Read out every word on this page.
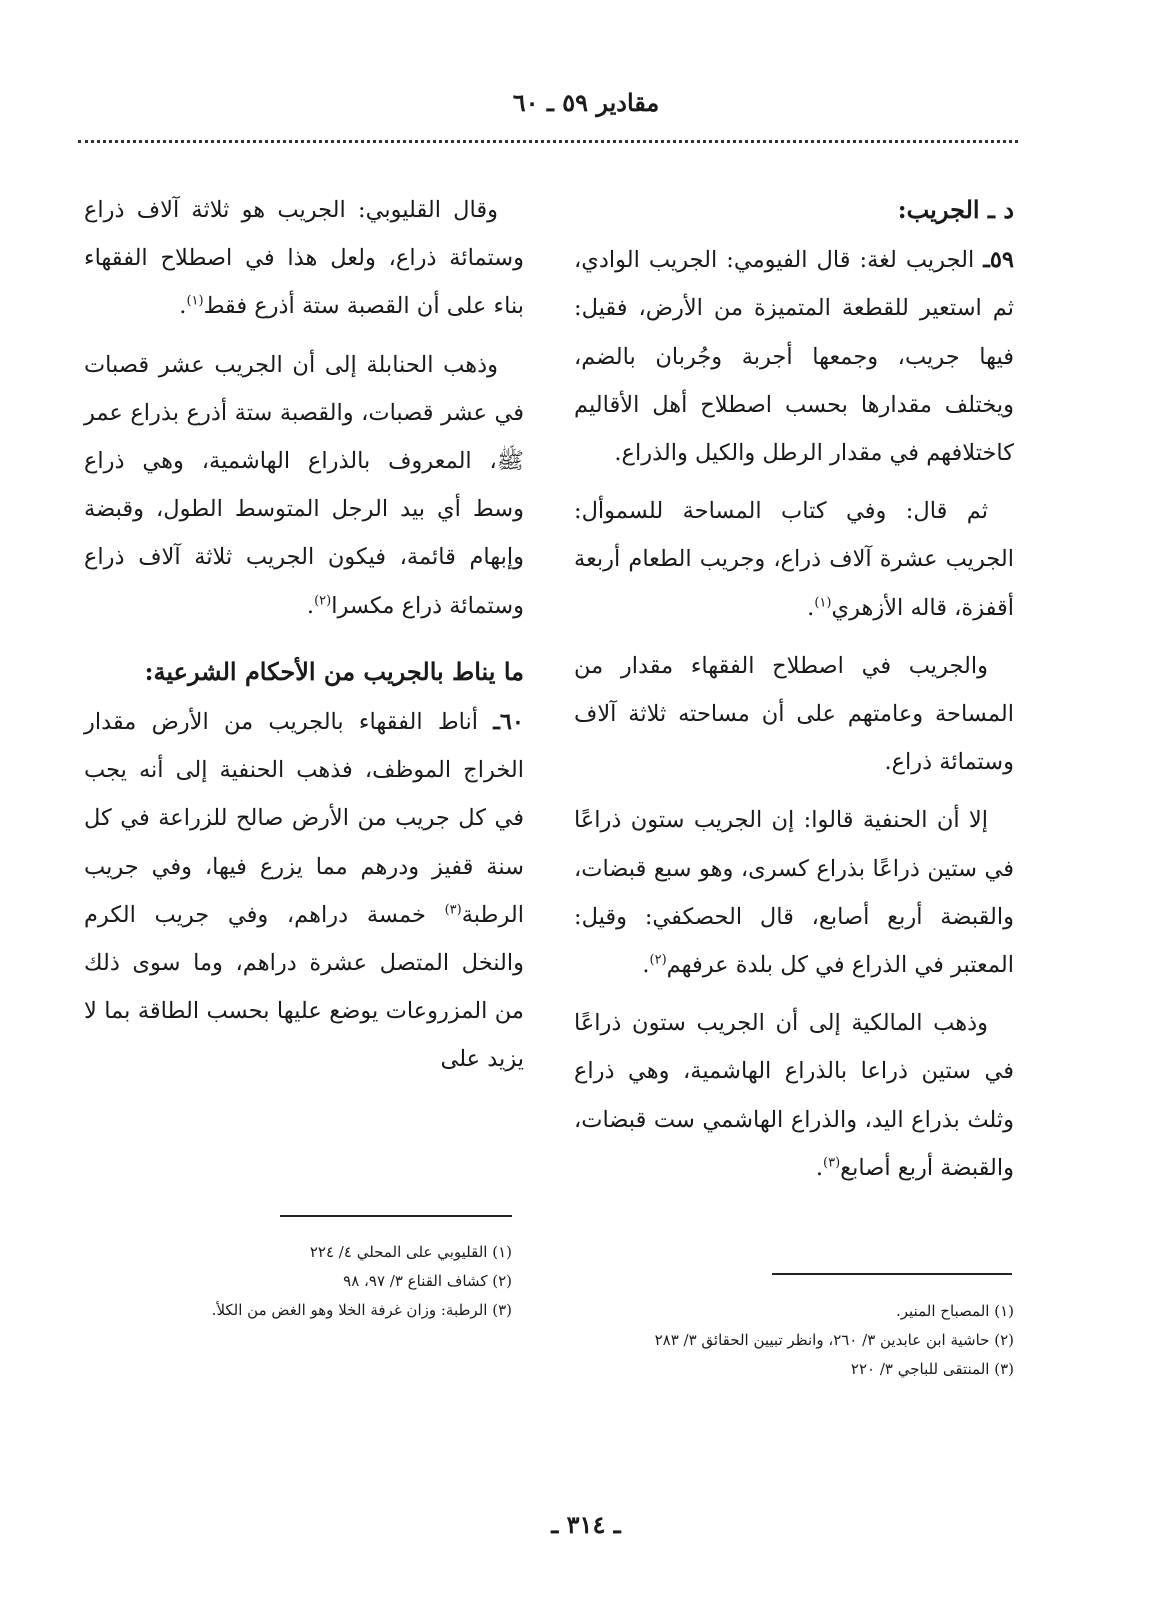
مقادير ٥٩ ـ ٦٠
د ـ الجريب:

٥٩ـ الجريب لغة: قال الفيومي: الجريب الوادي، ثم استعير للقطعة المتميزة من الأرض، فقيل: فيها جريب، وجمعها أجربة وجُربان بالضم، ويختلف مقدارها بحسب اصطلاح أهل الأقاليم كاختلافهم في مقدار الرطل والكيل والذراع.

ثم قال: وفي كتاب المساحة للسموأل: الجريب عشرة آلاف ذراع، وجريب الطعام أربعة أقفزة، قاله الأزهري$^{(١)}$.

والجريب في اصطلاح الفقهاء مقدار من المساحة وعامتهم على أن مساحته ثلاثة آلاف وستمائة ذراع.

إلا أن الحنفية قالوا: إن الجريب ستون ذراعًا في ستين ذراعًا بذراع كسرى، وهو سبع قبضات، والقبضة أربع أصابع، قال الحصكفي: وقيل: المعتبر في الذراع في كل بلدة عرفهم$^{(٢)}$.

وذهب المالكية إلى أن الجريب ستون ذراعًا في ستين ذراعا بالذراع الهاشمية، وهي ذراع وثلث بذراع اليد، والذراع الهاشمي ست قبضات، والقبضة أربع أصابع$^{(٣)}$.

وقال القليوبي: الجريب هو ثلاثة آلاف ذراع وستمائة ذراع، ولعل هذا في اصطلاح الفقهاء بناء على أن القصبة ستة أذرع فقط$^{(١)}$.

وذهب الحنابلة إلى أن الجريب عشر قصبات في عشر قصبات، والقصبة ستة أذرع بذراع عمر ﷺ، المعروف بالذراع الهاشمية، وهي ذراع وسط أي بيد الرجل المتوسط الطول، وقبضة وإبهام قائمة، فيكون الجريب ثلاثة آلاف ذراع وستمائة ذراع مكسرا$^{(٢)}$.

ما يناط بالجريب من الأحكام الشرعية:

٦٠ـ أناط الفقهاء بالجريب من الأرض مقدار الخراج الموظف، فذهب الحنفية إلى أنه يجب في كل جريب من الأرض صالح للزراعة في كل سنة قفيز ودرهم مما يزرع فيها، وفي جريب الرطبة$^{(٣)}$ خمسة دراهم، وفي جريب الكرم والنخل المتصل عشرة دراهم، وما سوى ذلك من المزروعات يوضع عليها بحسب الطاقة بما لا يزيد على

(١) المصباح المنير.
(٢) حاشية ابن عابدين ٣/ ٢٦٠، وانظر تبيين الحقائق ٣/ ٢٨٣
(٣) المنتقى للباجي ٣/ ٢٢٠
(١) القليوبي على المحلي ٤/ ٢٢٤
(٢) كشاف القناع ٣/ ٩٧، ٩٨
(٣) الرطبة: وزان غرفة الخلا وهو الغض من الكلأ.
ـ ٣١٤ ـ
